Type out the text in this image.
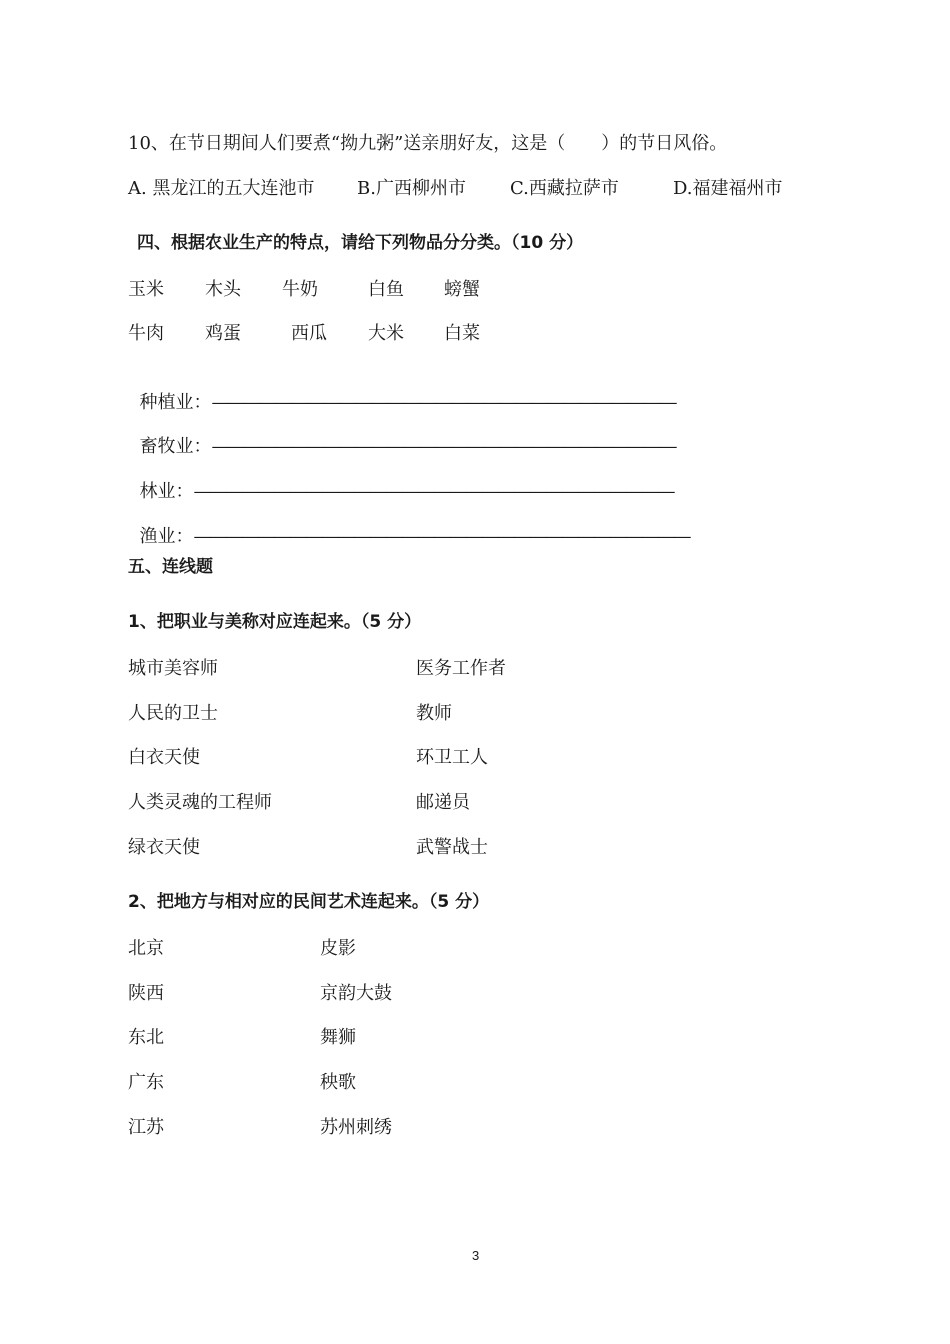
10、在节日期间人们要煮“拗九粥”送亲朋好友，这是（　　）的节日风俗。
A. 黑龙江的五大连池市 B.广西柳州市 C.西藏拉萨市	D.福建福州市
四、根据农业生产的特点，请给下列物品分分类。（10 分）
玉米 木头 牛奶	白鱼 螃蟹
牛肉 鸡蛋	西瓜 大米 白菜

种植业：—————————————————————————————

畜牧业：—————————————————————————————

林业：——————————————————————————————

渔业：———————————————————————————————

五、连线题
1、把职业与美称对应连起来。（5 分）
城市美容师	医务工作者
人民的卫士	教师
白衣天使	环卫工人
人类灵魂的工程师	邮递员
绿衣天使	武警战士
2、把地方与相对应的民间艺术连起来。（5 分）
北京	皮影
陕西	京韵大鼓
东北	舞狮
广东	秧歌
江苏	苏州刺绣
3
